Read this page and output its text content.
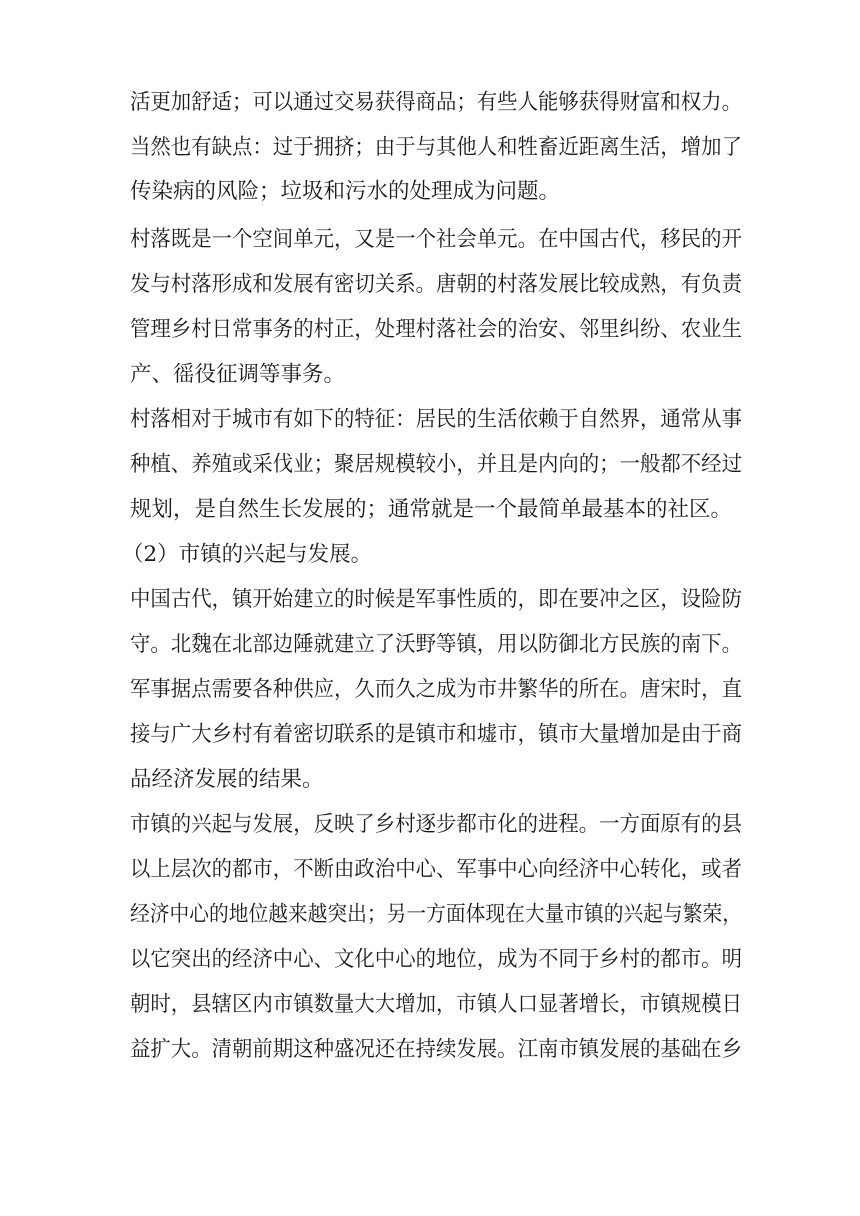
活更加舒适；可以通过交易获得商品；有些人能够获得财富和权力。
当然也有缺点：过于拥挤；由于与其他人和牲畜近距离生活，增加了
传染病的风险；垃圾和污水的处理成为问题。
村落既是一个空间单元，又是一个社会单元。在中国古代，移民的开
发与村落形成和发展有密切关系。唐朝的村落发展比较成熟，有负责
管理乡村日常事务的村正，处理村落社会的治安、邻里纠纷、农业生
产、徭役征调等事务。
村落相对于城市有如下的特征：居民的生活依赖于自然界，通常从事
种植、养殖或采伐业；聚居规模较小，并且是内向的；一般都不经过
规划，是自然生长发展的；通常就是一个最简单最基本的社区。
（2）市镇的兴起与发展。
中国古代，镇开始建立的时候是军事性质的，即在要冲之区，设险防
守。北魏在北部边陲就建立了沃野等镇，用以防御北方民族的南下。
军事据点需要各种供应，久而久之成为市井繁华的所在。唐宋时，直
接与广大乡村有着密切联系的是镇市和墟市，镇市大量增加是由于商
品经济发展的结果。
市镇的兴起与发展，反映了乡村逐步都市化的进程。一方面原有的县
以上层次的都市，不断由政治中心、军事中心向经济中心转化，或者
经济中心的地位越来越突出；另一方面体现在大量市镇的兴起与繁荣，
以它突出的经济中心、文化中心的地位，成为不同于乡村的都市。明
朝时，县辖区内市镇数量大大增加，市镇人口显著增长，市镇规模日
益扩大。清朝前期这种盛况还在持续发展。江南市镇发展的基础在乡
